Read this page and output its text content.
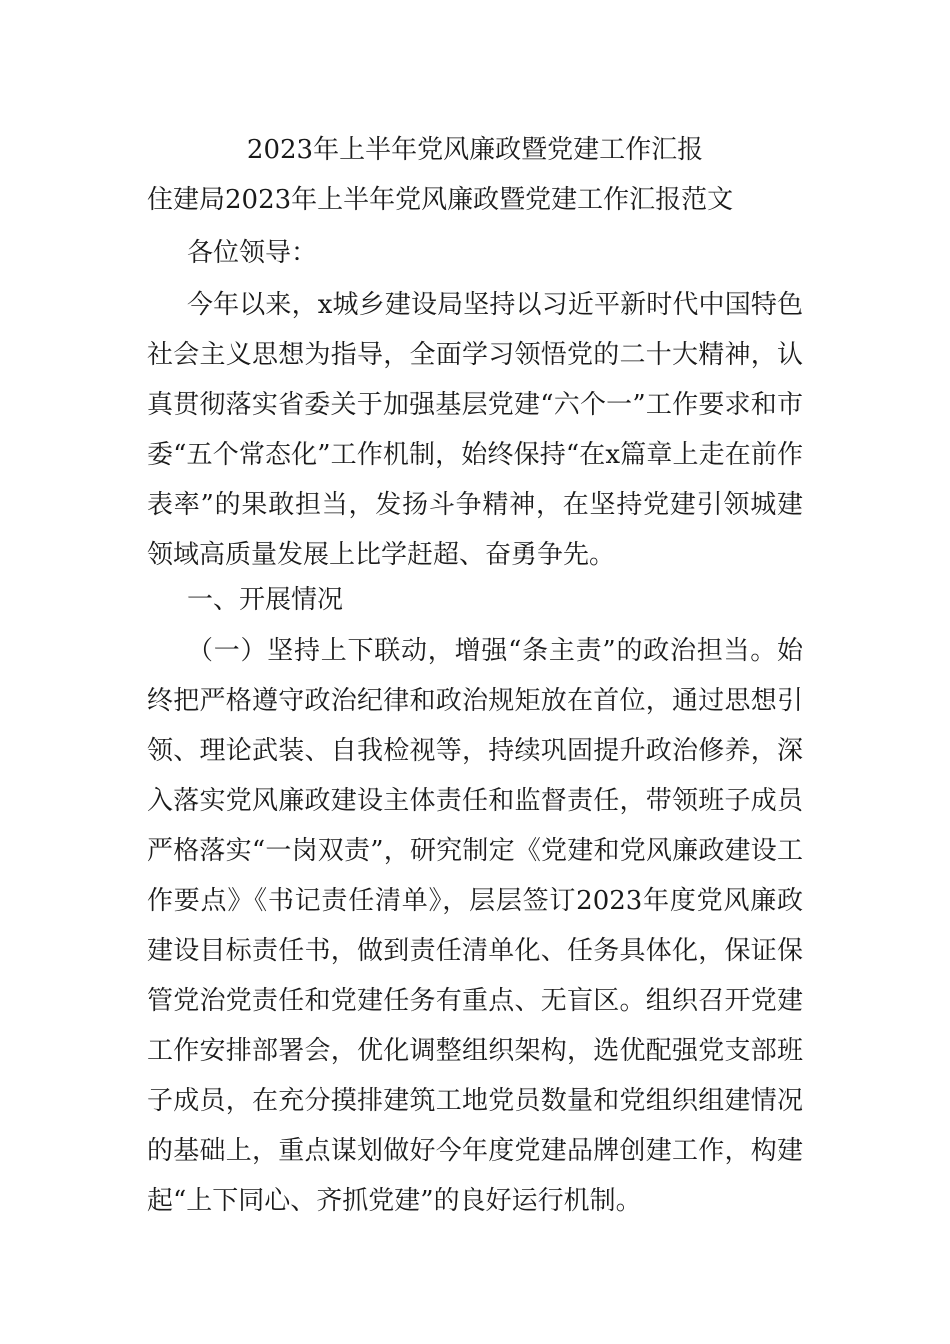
2023年上半年党风廉政暨党建工作汇报

住建局2023年上半年党风廉政暨党建工作汇报范文

各位领导：

今年以来，x城乡建设局坚持以习近平新时代中国特色社会主义思想为指导，全面学习领悟党的二十大精神，认真贯彻落实省委关于加强基层党建“六个一”工作要求和市委“五个常态化”工作机制，始终保持“在x篇章上走在前作表率”的果敢担当，发扬斗争精神，在坚持党建引领城建领域高质量发展上比学赶超、奋勇争先。

一、开展情况

（一）坚持上下联动，增强“条主责”的政治担当。始终把严格遵守政治纪律和政治规矩放在首位，通过思想引领、理论武装、自我检视等，持续巩固提升政治修养，深入落实党风廉政建设主体责任和监督责任，带领班子成员严格落实“一岗双责”，研究制定《党建和党风廉政建设工作要点》《书记责任清单》，层层签订2023年度党风廉政建设目标责任书，做到责任清单化、任务具体化，保证保管党治党责任和党建任务有重点、无盲区。组织召开党建工作安排部署会，优化调整组织架构，选优配强党支部班子成员，在充分摸排建筑工地党员数量和党组织组建情况的基础上，重点谋划做好今年度党建品牌创建工作，构建起“上下同心、齐抓党建”的良好运行机制。
